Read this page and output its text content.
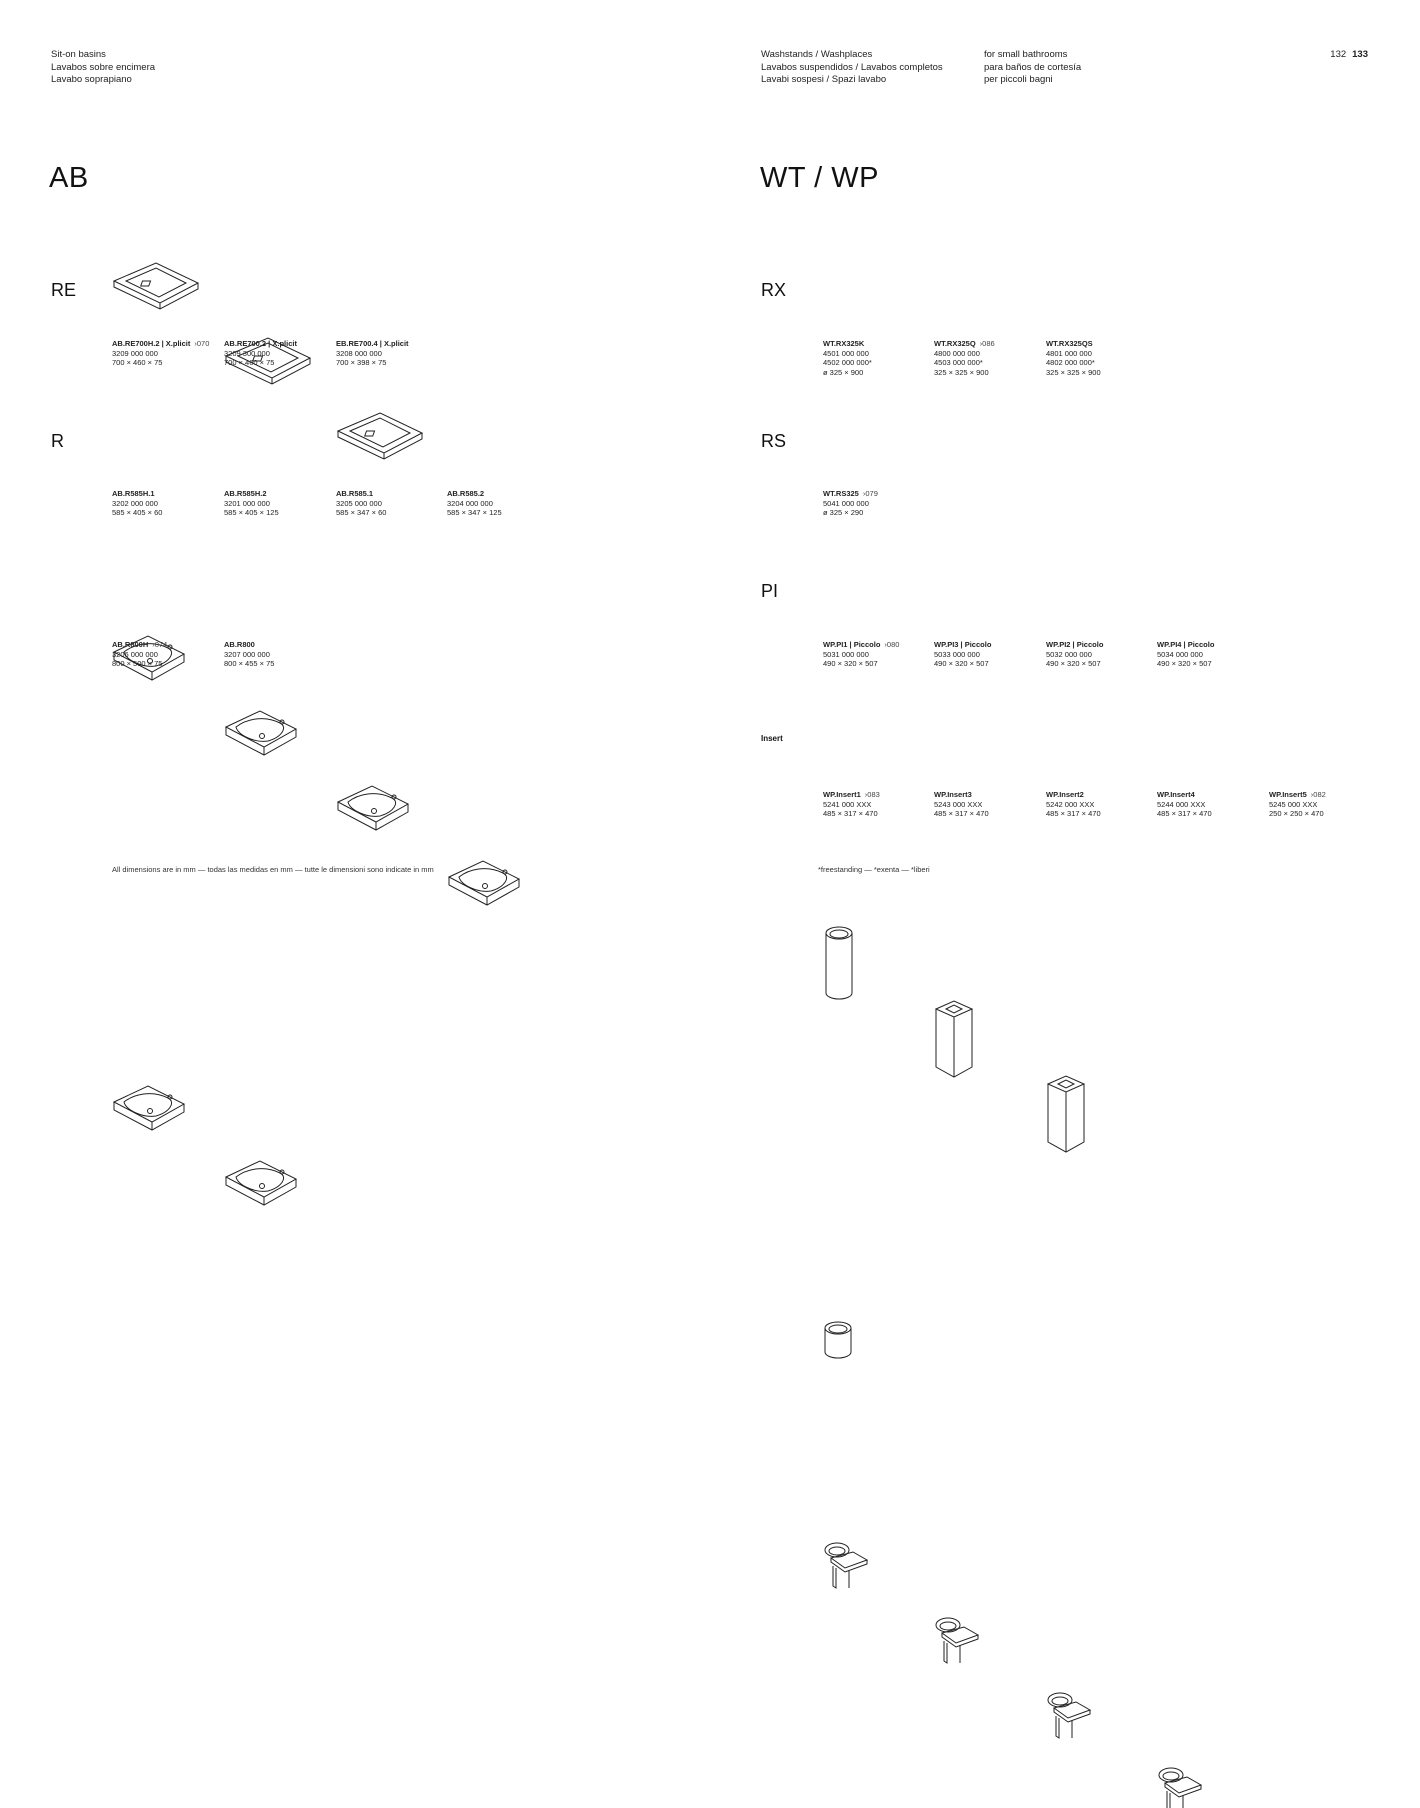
Sit-on basins
Lavabos sobre encimera
Lavabo soprapiano
Washstands / Washplaces
Lavabos suspendidos / Lavabos completos
Lavabi sospesi / Spazi lavabo
for small bathrooms
para baños de cortesía
per piccoli bagni
132 133
AB	WT / WP
RE
R
RX
RS
PI
Insert
AB.RE700H.2 | X.plicit ›070
3209 000 000
700 × 460 × 75
AB.RE700.2 | X.plicit
3209 300 000
700 × 460 × 75
EB.RE700.4 | X.plicit
3208 000 000
700 × 398 × 75
AB.R585H.1
3202 000 000
585 × 405 × 60
AB.R585H.2
3201 000 000
585 × 405 × 125
AB.R585.1
3205 000 000
585 × 347 × 60
AB.R585.2
3204 000 000
585 × 347 × 125
AB.R800H ›074
3206 000 000
800 × 500 × 75
AB.R800
3207 000 000
800 × 455 × 75
WT.RX325K
4501 000 000
4502 000 000*
ø 325 × 900
WT.RX325Q ›086
4800 000 000
4503 000 000*
325 × 325 × 900
WT.RX325QS
4801 000 000
4802 000 000*
325 × 325 × 900
WT.RS325 ›079
5041 000 000
ø 325 × 290
WP.PI1 | Piccolo ›080
5031 000 000
490 × 320 × 507
WP.PI3 | Piccolo
5033 000 000
490 × 320 × 507
WP.PI2 | Piccolo
5032 000 000
490 × 320 × 507
WP.PI4 | Piccolo
5034 000 000
490 × 320 × 507
WP.Insert1 ›083
5241 000 XXX
485 × 317 × 470
WP.Insert3
5243 000 XXX
485 × 317 × 470
WP.Insert2
5242 000 XXX
485 × 317 × 470
WP.Insert4
5244 000 XXX
485 × 317 × 470
WP.Insert5 ›082
5245 000 XXX
250 × 250 × 470
All dimensions are in mm — todas las medidas en mm — tutte le dimensioni sono indicate in mm	*freestanding — *exenta — *liberi
